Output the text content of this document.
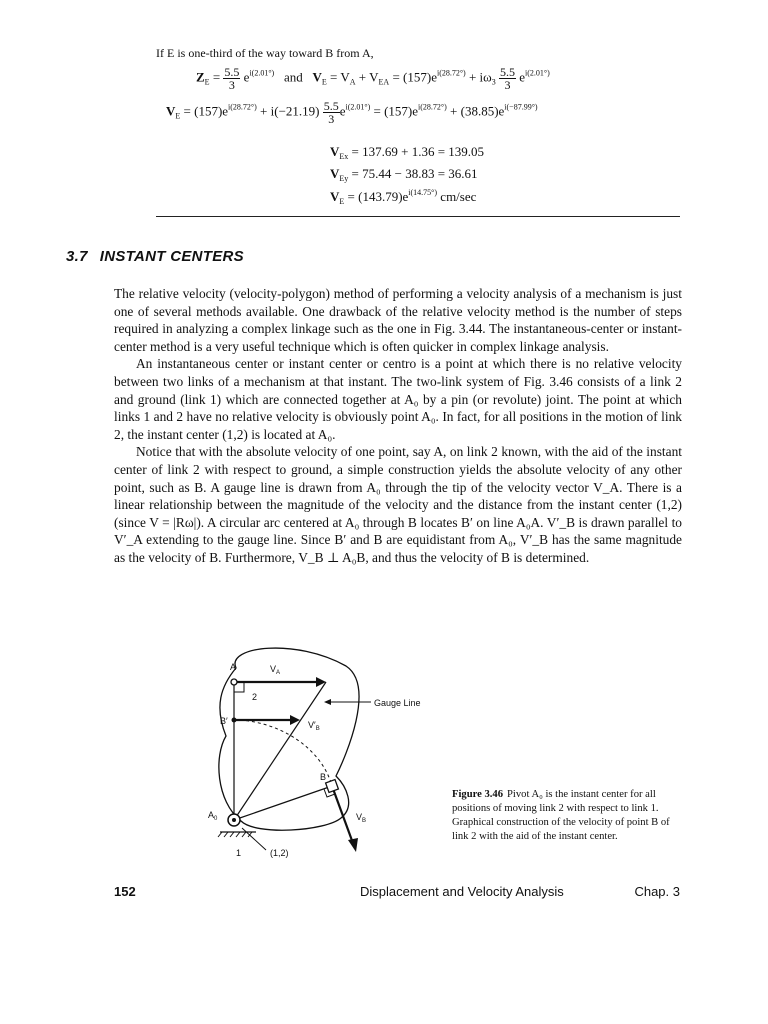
If E is one-third of the way toward B from A,
$Z_E = \frac{5.5}{3} e^{i(2.01^\circ)}$ and $V_E = V_A + V_{EA} = (157)e^{i(28.72^\circ)} + i\omega_3 \frac{5.5}{3} e^{i(2.01^\circ)}$
$V_E = (157)e^{i(28.72^\circ)} + i(-21.19) \frac{5.5}{3} e^{i(2.01^\circ)} = (157)e^{i(28.72^\circ)} + (38.85)e^{i(-87.99^\circ)}$
$V_{Ex} = 137.69 + 1.36 = 139.05$
$V_{Ey} = 75.44 - 38.83 = 36.61$
$V_E = (143.79)e^{i(14.75^\circ)}$ cm/sec
3.7 INSTANT CENTERS

The relative velocity (velocity-polygon) method of performing a velocity analysis of a mechanism is just one of several methods available. One drawback of the relative velocity method is the number of steps required in analyzing a complex linkage such as the one in Fig. 3.44. The instantaneous-center or instant-center method is a very useful technique which is often quicker in complex linkage analysis.

An instantaneous center or instant center or centro is a point at which there is no relative velocity between two links of a mechanism at that instant. The two-link system of Fig. 3.46 consists of a link 2 and ground (link 1) which are connected together at A₀ by a pin (or revolute) joint. The point at which links 1 and 2 have no relative velocity is obviously point A₀. In fact, for all positions in the motion of link 2, the instant center (1,2) is located at A₀.

Notice that with the absolute velocity of one point, say A, on link 2 known, with the aid of the instant center of link 2 with respect to ground, a simple construction yields the absolute velocity of any other point, such as B. A gauge line is drawn from A₀ through the tip of the velocity vector V_A. There is a linear relationship between the magnitude of the velocity and the distance from the instant center (1,2) (since V = |Rω|). A circular arc centered at A₀ through B locates B′ on line A₀A. V′_B is drawn parallel to V′_A extending to the gauge line. Since B′ and B are equidistant from A₀, V′_B has the same magnitude as the velocity of B. Furthermore, V_B ⊥ A₀B, and thus the velocity of B is determined.

A	$V_A$
2
Gauge Line
B′	$V'_B$
B
$V_B$
$A_0$
1	(1,2)
Figure 3.46 Pivot A₀ is the instant center for all positions of moving link 2 with respect to link 1. Graphical construction of the velocity of point B of link 2 with the aid of the instant center.
152	Displacement and Velocity Analysis	Chap. 3
